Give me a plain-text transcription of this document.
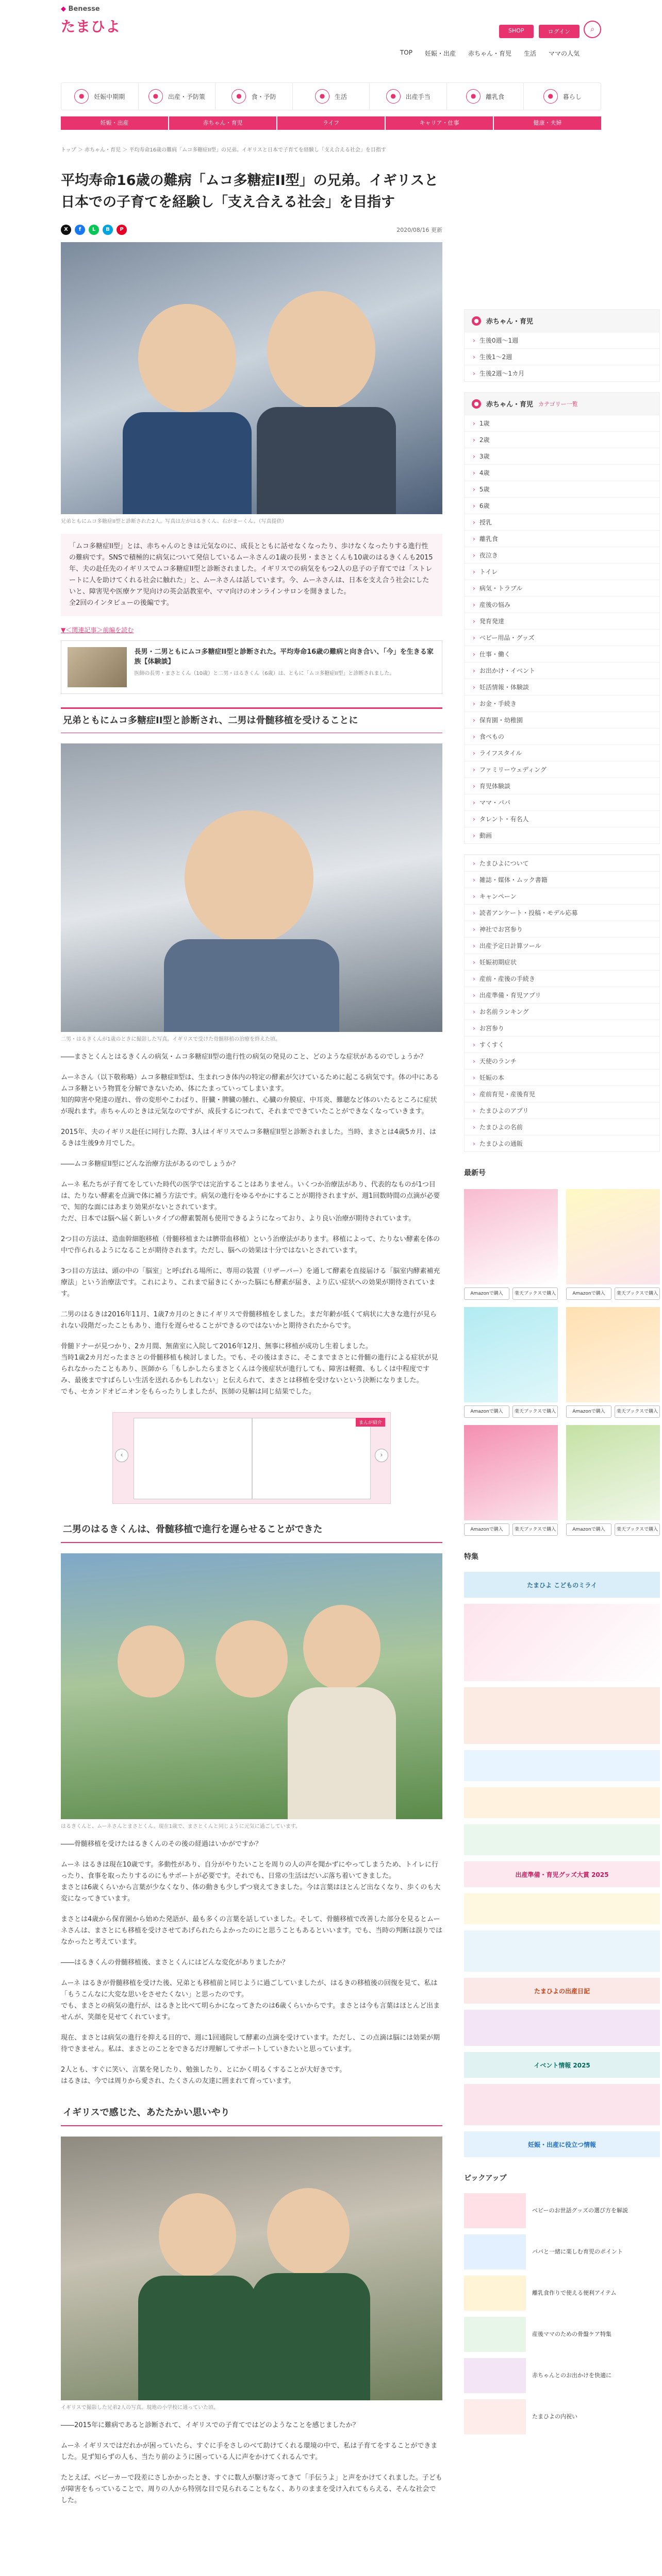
◆ Benesse
たまひよ	SHOP	ログイン	⌕
TOP 妊娠・出産 赤ちゃん・育児 生活 ママの人気
●	妊娠中期期	●	出産・予防策	●	食・予防	●	生活	●	出産手当	●	離乳食	●	暮らし
妊娠・出産	赤ちゃん・育児	ライフ	キャリア・仕事	健康・夫婦
トップ ＞ 赤ちゃん・育児 ＞ 平均寿命16歳の難病「ムコ多糖症II型」の兄弟。イギリスと日本で子育てを経験し「支え合える社会」を目指す
平均寿命16歳の難病「ムコ多糖症II型」の兄弟。イギリスと日本での子育てを経験し「支え合える社会」を目指す
X	f	L	B	P	2020/08/16 更新
兄弟ともにムコ多糖症II型と診断された2人。写真は左がはるきくん、右がまーくん。（写真提供）
「ムコ多糖症II型」とは、赤ちゃんのときは元気なのに、成長とともに話せなくなったり、歩けなくなったりする進行性の難病です。SNSで積極的に病気について発信しているムーネさんの1歳の長男・まさとくんも10歳のはるきくんも2015年、夫の赴任先のイギリスでムコ多糖症II型と診断されました。イギリスでの病気をもつ2人の息子の子育てでは「ストレートに人を助けてくれる社会に触れた」と、ムーネさんは話しています。今、ムーネさんは、日本を支え合う社会にしたいと、障害児や医療ケア児向けの英会話教室や、ママ向けのオンラインサロンを開きました。
全2回のインタビューの後編です。
▼＜関連記事＞前編を読む
長男・二男ともにムコ多糖症II型と診断された。平均寿命16歳の難病と向き合い、「今」を生きる家族【体験談】
医師の長男・まさとくん（10歳）と二男・はるきくん（6歳）は、ともに「ムコ多糖症II型」と診断されました。
兄弟ともにムコ多糖症II型と診断され、二男は骨髄移植を受けることに
二男・はるきくんが1歳のときに撮影した写真。イギリスで受けた骨髄移植の治療を終えた頃。

――まさとくんとはるきくんの病気・ムコ多糖症II型の進行性の病気の発見のこと、どのような症状があるのでしょうか？

ムーネさん（以下敬称略）ムコ多糖症II型は、生まれつき体内の特定の酵素が欠けているために起こる病気です。体の中にあるムコ多糖という物質を分解できないため、体にたまっていってしまいます。
知的障害や発達の遅れ、骨の変形やこわばり、肝臓・脾臓の腫れ、心臓の弁膜症、中耳炎、難聴など体のいたるところに症状が現れます。赤ちゃんのときは元気なのですが、成長するにつれて、それまでできていたことができなくなっていきます。

2015年、夫のイギリス赴任に同行した際、3人はイギリスでムコ多糖症II型と診断されました。当時、まさとは4歳5カ月、はるきは生後9カ月でした。

――ムコ多糖症II型にどんな治療方法があるのでしょうか？

ムーネ 私たちが子育てをしていた時代の医学では完治することはありません。いくつか治療法があり、代表的なものが1つ目は、たりない酵素を点滴で体に補う方法です。病気の進行をゆるやかにすることが期待されますが、週1回数時間の点滴が必要で、知的な面にはあまり効果がないとされています。
ただ、日本では脳へ届く新しいタイプの酵素製剤も使用できるようになっており、より良い治療が期待されています。

2つ目の方法は、造血幹細胞移植（骨髄移植または臍帯血移植）という治療法があります。移植によって、たりない酵素を体の中で作られるようになることが期待されます。ただし、脳への効果は十分ではないとされています。

3つ目の方法は、頭の中の「脳室」と呼ばれる場所に、専用の装置（リザーバー）を通して酵素を直接届ける「脳室内酵素補充療法」という治療法です。これにより、これまで届きにくかった脳にも酵素が届き、より広い症状への効果が期待されています。

二男のはるきは2016年11月、1歳7カ月のときにイギリスで骨髄移植をしました。まだ年齢が低くて病状に大きな進行が見られない段階だったこともあり、進行を遅らせることができるのではないかと期待されたからです。

骨髄ドナーが見つかり、2カ月間、無菌室に入院して2016年12月、無事に移植が成功し生着しました。
当時1歳2カ月だったまさとの骨髄移植も検討しました。でも、その後はまさに、そこまでまさとに骨髄の進行による症状が見られなかったこともあり、医師から「もしかしたらまさとくんは今後症状が進行しても、障害は軽微、もしくは中程度ですみ、最後まですばらしい生活を送れるかもしれない」と伝えられて、まさとは移植を受けないという決断になりました。
でも、セカンドオピニオンをもらったりしましたが、医師の見解は同じ結果でした。

まんが紹介
‹	›
二男のはるきくんは、骨髄移植で進行を遅らせることができた
はるきくんと、ムーネさんとまさとくん。現在1歳で、まさとくんと同じように元気に過ごしています。

――骨髄移植を受けたはるきくんのその後の経過はいかがですか？

ムーネ はるきは現在10歳です。多動性があり、自分がやりたいことを周りの人の声を聞かずにやってしまうため、トイレに行ったり、食事を取ったりするのにもサポートが必要です。それでも、日常の生活はだいぶ落ち着いてきました。
まさとは6歳くらいから言葉が少なくなり、体の動きも少しずつ衰えてきました。今は言葉はほとんど出なくなり、歩くのも大変になってきています。

まさとは4歳から保育園から始めた発語が、最も多くの言葉を話していました。そして、骨髄移植で改善した部分を見るとムーネさんは、まさとにも移植を受けさせてあげられたらよかったのにと思うこともあるといいます。でも、当時の判断は誤りではなかったと考えています。

――はるきくんの骨髄移植後、まさとくんにはどんな変化がありましたか？

ムーネ はるきが骨髄移植を受けた後、兄弟とも移植前と同じように過ごしていましたが、はるきの移植後の回復を見て、私は「もうこんなに大変な思いをさせたくない」と思ったのです。
でも、まさとの病気の進行が、はるきと比べて明らかになってきたのは6歳くらいからです。まさとは今も言葉はほとんど出ませんが、笑顔を見せてくれています。

現在、まさとは病気の進行を抑える目的で、週に1回通院して酵素の点滴を受けています。ただし、この点滴は脳には効果が期待できません。私は、まさとのことをできるだけ理解してサポートしていきたいと思っています。

2人とも、すぐに笑い、言葉を発したり、勉強したり、とにかく明るくすることが大好きです。
はるきは、今では周りから愛され、たくさんの友達に囲まれて育っています。

イギリスで感じた、あたたかい思いやり
イギリスで撮影した兄弟2人の写真。現地の小学校に通っていた頃。

――2015年に難病であると診断されて、イギリスでの子育てではどのようなことを感じましたか？

ムーネ イギリスではだれかが困っていたら、すぐに手をさしのべて助けてくれる環境の中で、私は子育てをすることができました。見ず知らずの人も、当たり前のように困っている人に声をかけてくれるんです。

たとえば、ベビーカーで段差にさしかかったとき、すぐに数人が駆け寄ってきて「手伝うよ」と声をかけてくれました。子どもが障害をもっていることで、周りの人から特別な目で見られることもなく、ありのままを受け入れてもらえる、そんな社会でした。

●	赤ちゃん・育児
› 生後0週〜1週
› 生後1〜2週
› 生後2週〜1カ月
●	赤ちゃん・育児 カテゴリー一覧
› 1歳
› 2歳
› 3歳
› 4歳
› 5歳
› 6歳
› 授乳
› 離乳食
› 夜泣き
› トイレ
› 病気・トラブル
› 産後の悩み
› 発育発達
› ベビー用品・グッズ
› 仕事・働く
› お出かけ・イベント
› 妊活情報・体験談
› お金・手続き
› 保育園・幼稚園
› 食べもの
› ライフスタイル
› ファミリーウェディング
› 育児体験談
› ママ・パパ
› タレント・有名人
› 動画
› たまひよについて
› 雑誌・媒体・ムック書籍
› キャンペーン
› 読者アンケート・投稿・モデル応募
› 神社でお宮参り
› 出産予定日計算ツール
› 妊娠初期症状
› 産前・産後の手続き
› 出産準備・育児アプリ
› お名前ランキング
› お宮参り
› すくすく
› 天使のランチ
› 妊娠の本
› 産前育児・産後育児
› たまひよのアプリ
› たまひよの名前
› たまひよの通販
最新号
Amazonで購入	楽天ブックスで購入	Amazonで購入	楽天ブックスで購入
Amazonで購入	楽天ブックスで購入	Amazonで購入	楽天ブックスで購入
Amazonで購入	楽天ブックスで購入	Amazonで購入	楽天ブックスで購入
特集
たまひよ こどものミライ
出産準備・育児グッズ大賞 2025
たまひよの出産日記
イベント情報 2025
妊娠・出産に役立つ情報
ピックアップ
ベビーのお世話グッズの選び方を解説
パパと一緒に楽しむ育児のポイント
離乳食作りで使える便利アイテム
産後ママのための骨盤ケア特集
赤ちゃんとのお出かけを快適に
たまひよの内祝い
